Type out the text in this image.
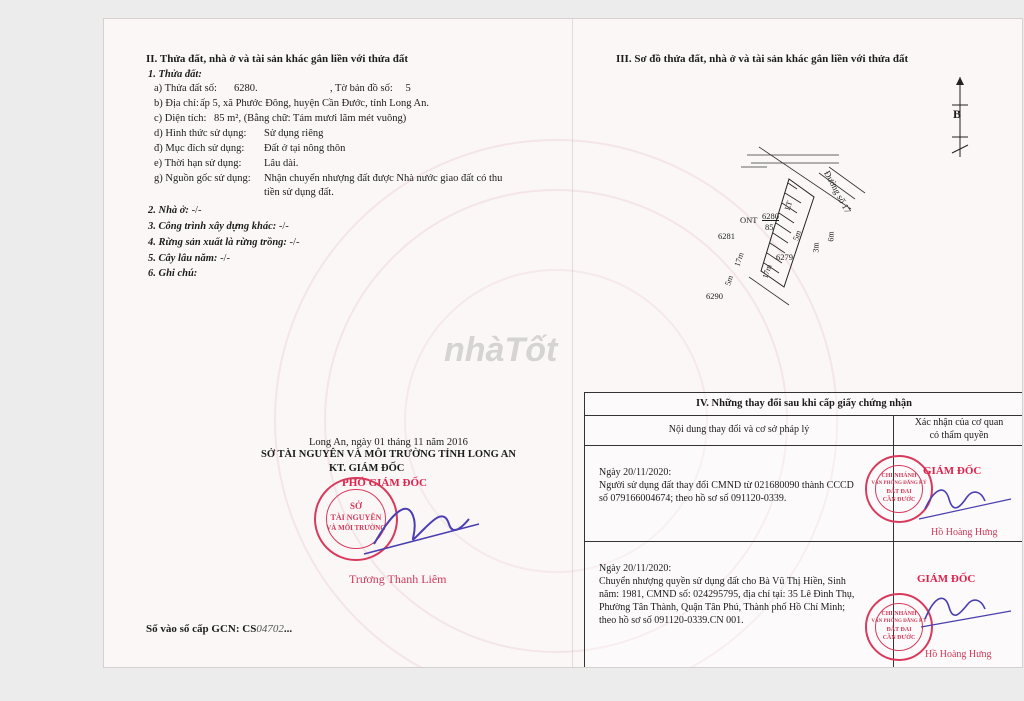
nhàTốt
II. Thửa đất, nhà ở và tài sản khác gắn liền với thửa đất
1. Thửa đất:
a) Thửa đất số: 6280.	, Tờ bản đồ số: 5
b) Địa chỉ:ấp 5, xã Phước Đông, huyện Cần Đước, tỉnh Long An.
c) Diện tích: 85 m², (Bằng chữ: Tám mươi lăm mét vuông)
d) Hình thức sử dụng: Sử dụng riêng
đ) Mục đích sử dụng: Đất ở tại nông thôn
e) Thời hạn sử dụng: Lâu dài.
g) Nguồn gốc sử dụng: Nhận chuyển nhượng đất được Nhà nước giao đất có thu
tiền sử dụng đất.
2. Nhà ở: -/-
3. Công trình xây dựng khác: -/-
4. Rừng sản xuất là rừng trồng: -/-
5. Cây lâu năm: -/-
6. Ghi chú:
Long An, ngày 01 tháng 11 năm 2016
SỞ TÀI NGUYÊN VÀ MÔI TRƯỜNG TỈNH LONG AN
KT. GIÁM ĐỐC
PHÓ GIÁM ĐỐC
SỞ
TÀI NGUYÊN
VÀ MÔI TRƯỜNG
Trương Thanh Liêm
Số vào sổ cấp GCN: CS04702...
III. Sơ đồ thửa đất, nhà ở và tài sản khác gắn liền với thửa đất
B
Đường số 17
ONT 6280
85
6281
6279
6290
17m
17m
5m
5m
3m
6m
LT
IV. Những thay đổi sau khi cấp giấy chứng nhận
Nội dung thay đổi và cơ sở pháp lý
Xác nhận của cơ quan
có thẩm quyền
Ngày 20/11/2020:
Người sử dụng đất thay đổi CMND từ 021680090 thành CCCD
số 079166004674; theo hồ sơ số 091120-0339.
Ngày 20/11/2020:
Chuyển nhượng quyền sử dụng đất cho Bà Vũ Thị Hiền, Sinh
năm: 1981, CMND số: 024295795, địa chỉ tại: 35 Lê Đình Thụ,
Phường Tân Thành, Quận Tân Phú, Thành phố Hồ Chí Minh;
theo hồ sơ số 091120-0339.CN 001.
CHI NHÁNH
VĂN PHÒNG ĐĂNG KÝ
ĐẤT ĐAI
CẦN ĐƯỚC
GIÁM ĐỐC
Hồ Hoàng Hưng
CHI NHÁNH
VĂN PHÒNG ĐĂNG KÝ
ĐẤT ĐAI
CẦN ĐƯỚC
GIÁM ĐỐC
Hồ Hoàng Hưng
